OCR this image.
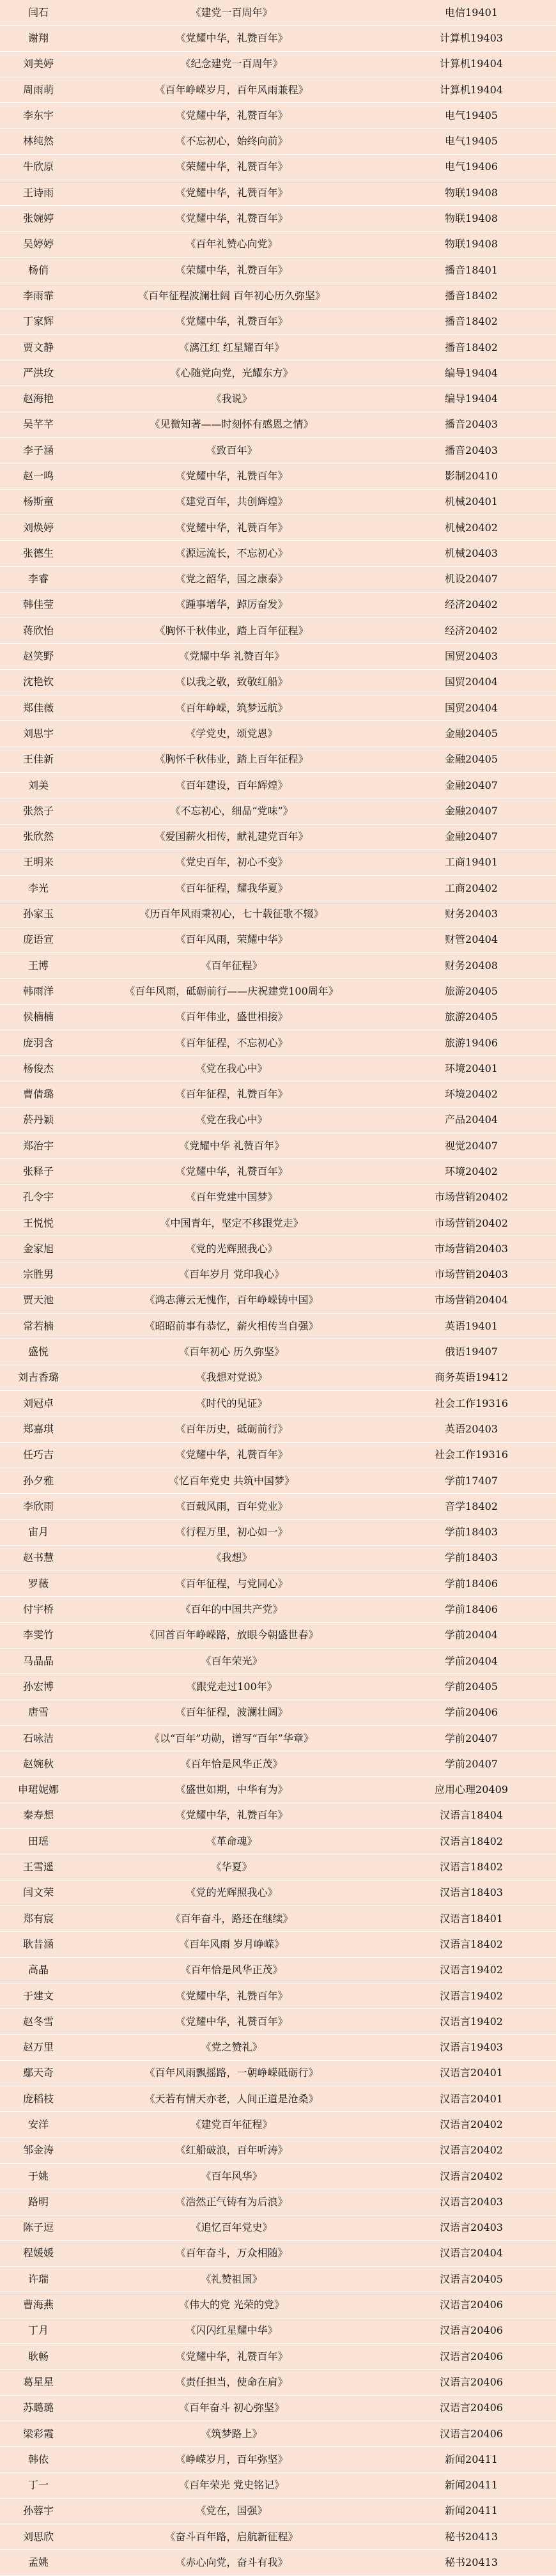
闫石	《建党一百周年》	电信19401
谢翔	《党耀中华，礼赞百年》	计算机19403
刘美婷	《纪念建党一百周年》	计算机19404
周雨萌	《百年峥嵘岁月，百年风雨兼程》	计算机19404
李东宇	《党耀中华，礼赞百年》	电气19405
林纯然	《不忘初心，始终向前》	电气19405
牛欣原	《荣耀中华，礼赞百年》	电气19406
王诗雨	《党耀中华，礼赞百年》	物联19408
张婉婷	《党耀中华，礼赞百年》	物联19408
吴婷婷	《百年礼赞心向党》	物联19408
杨俏	《荣耀中华，礼赞百年》	播音18401
李雨霏	《百年征程波澜壮阔 百年初心历久弥坚》	播音18402
丁家辉	《党耀中华，礼赞百年》	播音18402
贾文静	《漓江红 红星耀百年》	播音18402
严洪玫	《心随党向党，光耀东方》	编导19404
赵海艳	《我说》	编导19404
吴芊芊	《见微知著——时刻怀有感恩之情》	播音20403
李子涵	《致百年》	播音20403
赵一鸣	《党耀中华，礼赞百年》	影制20410
杨斯童	《建党百年，共创辉煌》	机械20401
刘焕婷	《党耀中华，礼赞百年》	机械20402
张德生	《源远流长，不忘初心》	机械20403
李睿	《党之韶华，国之康泰》	机设20407
韩佳莹	《踵事增华，踔厉奋发》	经济20402
蒋欣怡	《胸怀千秋伟业，踏上百年征程》	经济20402
赵笑野	《党耀中华 礼赞百年》	国贸20403
沈艳钦	《以我之敬，致敬红船》	国贸20404
郑佳薇	《百年峥嵘，筑梦远航》	国贸20404
刘思宇	《学党史，颂党恩》	金融20405
王佳新	《胸怀千秋伟业，踏上百年征程》	金融20405
刘美	《百年建设，百年辉煌》	金融20407
张然子	《不忘初心，细品“党味”》	金融20407
张欣然	《爱国薪火相传，献礼建党百年》	金融20407
王明来	《党史百年，初心不变》	工商19401
李光	《百年征程，耀我华夏》	工商20402
孙家玉	《历百年风雨秉初心，七十载征歌不辍》	财务20403
庞语宣	《百年风雨，荣耀中华》	财管20404
王博	《百年征程》	财务20408
韩雨洋	《百年风雨，砥砺前行——庆祝建党100周年》	旅游20405
侯楠楠	《百年伟业，盛世相接》	旅游20405
庞羽含	《百年征程，不忘初心》	旅游19406
杨俊杰	《党在我心中》	环境20401
曹倩璐	《百年征程，礼赞百年》	环境20402
菸丹颖	《党在我心中》	产品20404
郑治宇	《党耀中华 礼赞百年》	视觉20407
张释子	《党耀中华，礼赞百年》	环境20402
孔令宇	《百年党建中国梦》	市场营销20402
王悦悦	《中国青年，坚定不移跟党走》	市场营销20402
金家旭	《党的光辉照我心》	市场营销20403
宗胜男	《百年岁月 党印我心》	市场营销20403
贾天池	《鸿志薄云无愧作，百年峥嵘铸中国》	市场营销20404
常若楠	《昭昭前事有恭忆，薪火相传当自强》	英语19401
盛悦	《百年初心 历久弥坚》	俄语19407
刘吉香璐	《我想对党说》	商务英语19412
刘冠卓	《时代的见证》	社会工作19316
郑嘉琪	《百年历史，砥砺前行》	英语20403
任巧吉	《党耀中华，礼赞百年》	社会工作19316
孙夕雅	《忆百年党史 共筑中国梦》	学前17407
李欣雨	《百载风雨，百年党业》	音学18402
宙月	《行程万里，初心如一》	学前18403
赵书慧	《我想》	学前18403
罗薇	《百年征程，与党同心》	学前18406
付宇桥	《百年的中国共产党》	学前18406
李雯竹	《回首百年峥嵘路，放眼今朝盛世春》	学前20404
马晶晶	《百年荣光》	学前20404
孙宏博	《跟党走过100年》	学前20405
唐雪	《百年征程，波澜壮阔》	学前20406
石咏洁	《以“百年”功勋，谱写“百年”华章》	学前20407
赵婉秋	《百年恰是风华正茂》	学前20407
申珺妮娜	《盛世如期，中华有为》	应用心理20409
秦寿想	《党耀中华，礼赞百年》	汉语言18404
田瑶	《革命魂》	汉语言18402
王雪遥	《华夏》	汉语言18402
闫文荣	《党的光辉照我心》	汉语言18403
郑有宸	《百年奋斗，路还在继续》	汉语言18401
耿昔涵	《百年风雨 岁月峥嵘》	汉语言18402
高晶	《百年恰是风华正茂》	汉语言19402
于建文	《党耀中华，礼赞百年》	汉语言19402
赵冬雪	《党耀中华，礼赞百年》	汉语言19402
赵万里	《党之赞礼》	汉语言19403
鄢天奇	《百年风雨飘摇路，一朝峥嵘砥砺行》	汉语言20401
庞稻枝	《天若有情天亦老，人间正道是沧桑》	汉语言20401
安洋	《建党百年征程》	汉语言20402
邹金涛	《红船破浪，百年听涛》	汉语言20402
于姚	《百年风华》	汉语言20402
路明	《浩然正气铸有为后浪》	汉语言20403
陈子逗	《追忆百年党史》	汉语言20403
程媛媛	《百年奋斗，万众相随》	汉语言20404
许瑞	《礼赞祖国》	汉语言20405
曹海燕	《伟大的党 光荣的党》	汉语言20406
丁月	《闪闪红星耀中华》	汉语言20406
耿畅	《党耀中华，礼赞百年》	汉语言20406
葛星星	《责任担当，使命在肩》	汉语言20406
苏璐璐	《百年奋斗 初心弥坚》	汉语言20406
梁彩霞	《筑梦路上》	汉语言20406
韩依	《峥嵘岁月，百年弥坚》	新闻20411
丁一	《百年荣光 党史铭记》	新闻20411
孙蓉宇	《党在，国强》	新闻20411
刘思欣	《奋斗百年路，启航新征程》	秘书20413
孟姚	《赤心向党，奋斗有我》	秘书20413
